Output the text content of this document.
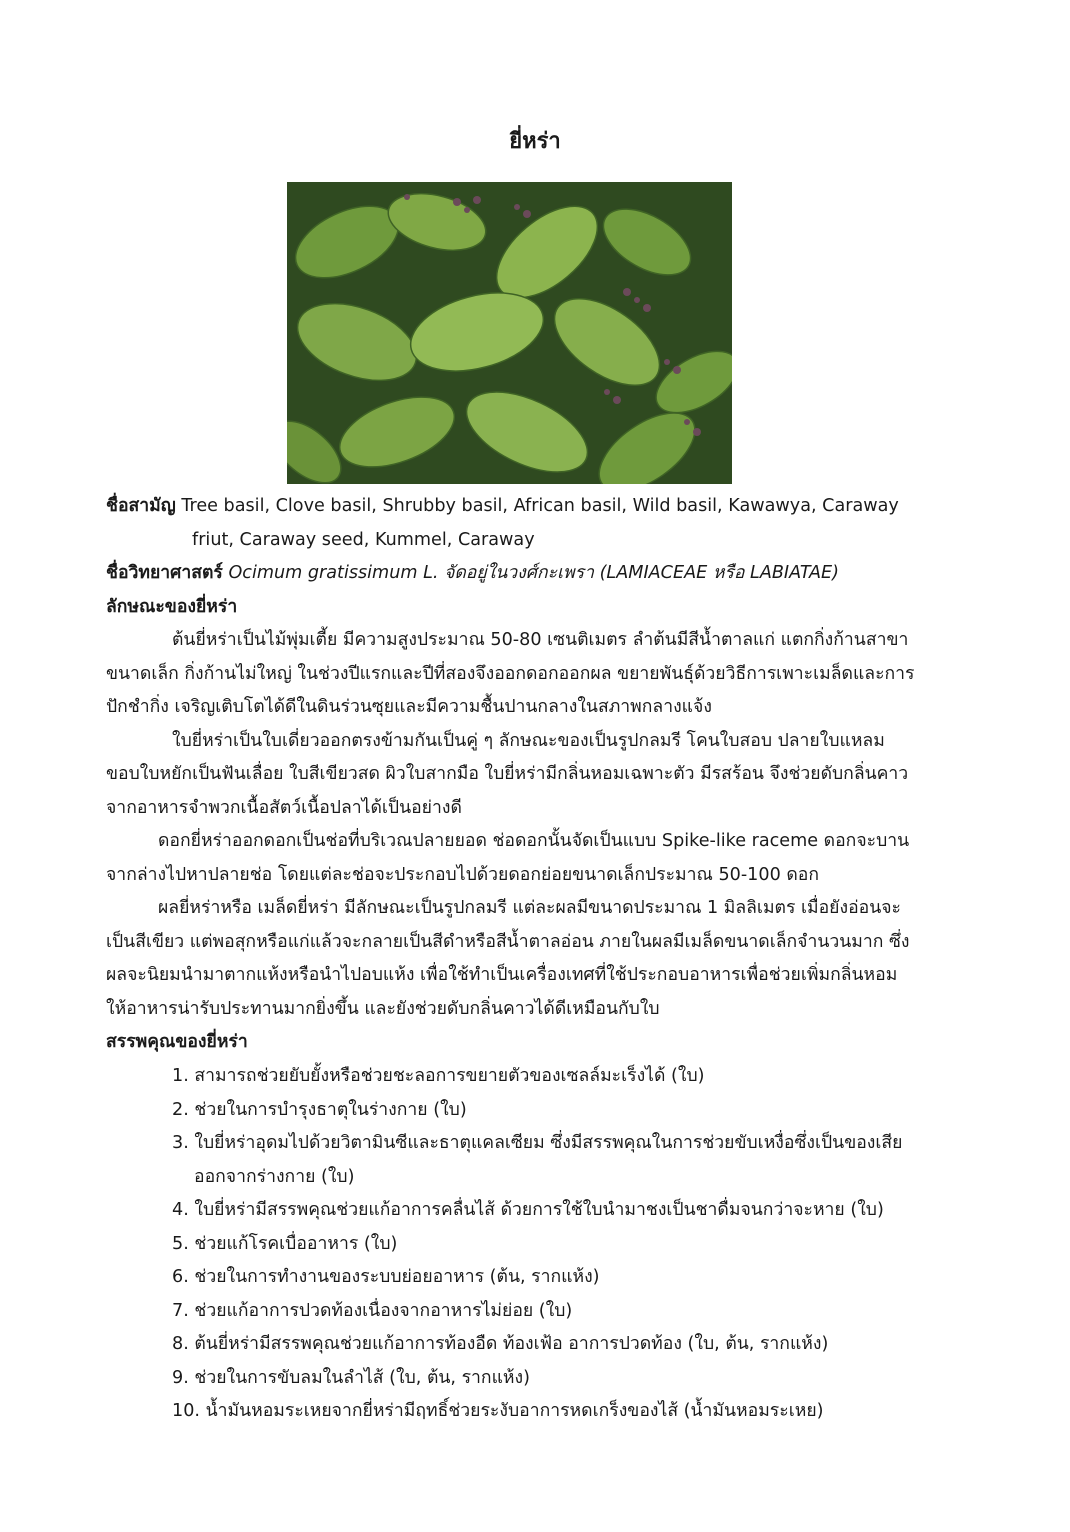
ยี่หร่า
ชื่อสามัญ Tree basil, Clove basil, Shrubby basil, African basil, Wild basil, Kawawya, Caraway
friut, Caraway seed, Kummel, Caraway
ชื่อวิทยาศาสตร์ Ocimum gratissimum L. จัดอยู่ในวงศ์กะเพรา (LAMIACEAE หรือ LABIATAE)
ลักษณะของยี่หร่า
ต้นยี่หร่าเป็นไม้พุ่มเตี้ย มีความสูงประมาณ 50-80 เซนติเมตร ลำต้นมีสีน้ำตาลแก่ แตกกิ่งก้านสาขา
ขนาดเล็ก กิ่งก้านไม่ใหญ่ ในช่วงปีแรกและปีที่สองจึงออกดอกออกผล ขยายพันธุ์ด้วยวิธีการเพาะเมล็ดและการ
ปักชำกิ่ง เจริญเติบโตได้ดีในดินร่วนซุยและมีความชื้นปานกลางในสภาพกลางแจ้ง
ใบยี่หร่าเป็นใบเดี่ยวออกตรงข้ามกันเป็นคู่ ๆ ลักษณะของเป็นรูปกลมรี โคนใบสอบ ปลายใบแหลม
ขอบใบหยักเป็นฟันเลื่อย ใบสีเขียวสด ผิวใบสากมือ ใบยี่หร่ามีกลิ่นหอมเฉพาะตัว มีรสร้อน จึงช่วยดับกลิ่นคาว
จากอาหารจำพวกเนื้อสัตว์เนื้อปลาได้เป็นอย่างดี
ดอกยี่หร่าออกดอกเป็นช่อที่บริเวณปลายยอด ช่อดอกนั้นจัดเป็นแบบ Spike-like raceme ดอกจะบาน
จากล่างไปหาปลายช่อ โดยแต่ละช่อจะประกอบไปด้วยดอกย่อยขนาดเล็กประมาณ 50-100 ดอก
ผลยี่หร่าหรือ เมล็ดยี่หร่า มีลักษณะเป็นรูปกลมรี แต่ละผลมีขนาดประมาณ 1 มิลลิเมตร เมื่อยังอ่อนจะ
เป็นสีเขียว แต่พอสุกหรือแก่แล้วจะกลายเป็นสีดำหรือสีน้ำตาลอ่อน ภายในผลมีเมล็ดขนาดเล็กจำนวนมาก ซึ่ง
ผลจะนิยมนำมาตากแห้งหรือนำไปอบแห้ง เพื่อใช้ทำเป็นเครื่องเทศที่ใช้ประกอบอาหารเพื่อช่วยเพิ่มกลิ่นหอม
ให้อาหารน่ารับประทานมากยิ่งขึ้น และยังช่วยดับกลิ่นคาวได้ดีเหมือนกับใบ
สรรพคุณของยี่หร่า
1. สามารถช่วยยับยั้งหรือช่วยชะลอการขยายตัวของเซลล์มะเร็งได้ (ใบ)
2. ช่วยในการบำรุงธาตุในร่างกาย (ใบ)
3. ใบยี่หร่าอุดมไปด้วยวิตามินซีและธาตุแคลเซียม ซึ่งมีสรรพคุณในการช่วยขับเหงื่อซึ่งเป็นของเสีย
ออกจากร่างกาย (ใบ)
4. ใบยี่หร่ามีสรรพคุณช่วยแก้อาการคลื่นไส้ ด้วยการใช้ใบนำมาชงเป็นชาดื่มจนกว่าจะหาย (ใบ)
5. ช่วยแก้โรคเบื่ออาหาร (ใบ)
6. ช่วยในการทำงานของระบบย่อยอาหาร (ต้น, รากแห้ง)
7. ช่วยแก้อาการปวดท้องเนื่องจากอาหารไม่ย่อย (ใบ)
8. ต้นยี่หร่ามีสรรพคุณช่วยแก้อาการท้องอืด ท้องเฟ้อ อาการปวดท้อง (ใบ, ต้น, รากแห้ง)
9. ช่วยในการขับลมในลำไส้ (ใบ, ต้น, รากแห้ง)
10. น้ำมันหอมระเหยจากยี่หร่ามีฤทธิ์ช่วยระงับอาการหดเกร็งของไส้ (น้ำมันหอมระเหย)
